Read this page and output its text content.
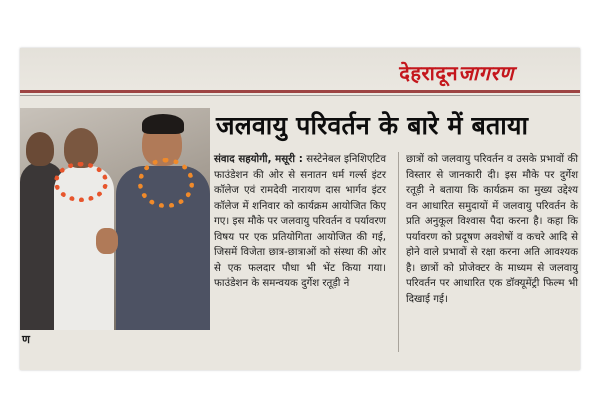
देहरादूनजागरण
ण
जलवायु परिवर्तन के बारे में बताया
संवाद सहयोगी, मसूरी : सस्टेनेबल इनिशिएटिव फाउंडेशन की ओर से सनातन धर्म गर्ल्स इंटर कॉलेज एवं रामदेवी नारायण दास भार्गव इंटर कॉलेज में शनिवार को कार्यक्रम आयोजित किए गए। इस मौके पर जलवायु परिवर्तन व पर्यावरण विषय पर एक प्रतियोगिता आयोजित की गई, जिसमें विजेता छात्र-छात्राओं को संस्था की ओर से एक फलदार पौधा भी भेंट किया गया। फाउंडेशन के समन्वयक दुर्गेश रतूड़ी ने
छात्रों को जलवायु परिवर्तन व उसके प्रभावों की विस्तार से जानकारी दी। इस मौके पर दुर्गेश रतूड़ी ने बताया कि कार्यक्रम का मुख्य उद्देश्य वन आधारित समुदायों में जलवायु परिवर्तन के प्रति अनुकूल विश्वास पैदा करना है। कहा कि पर्यावरण को प्रदूषण अवशेषों व कचरे आदि से होने वाले प्रभावों से रक्षा करना अति आवश्यक है। छात्रों को प्रोजेक्टर के माध्यम से जलवायु परिवर्तन पर आधारित एक डॉक्यूमेंट्री फिल्म भी दिखाई गई।
